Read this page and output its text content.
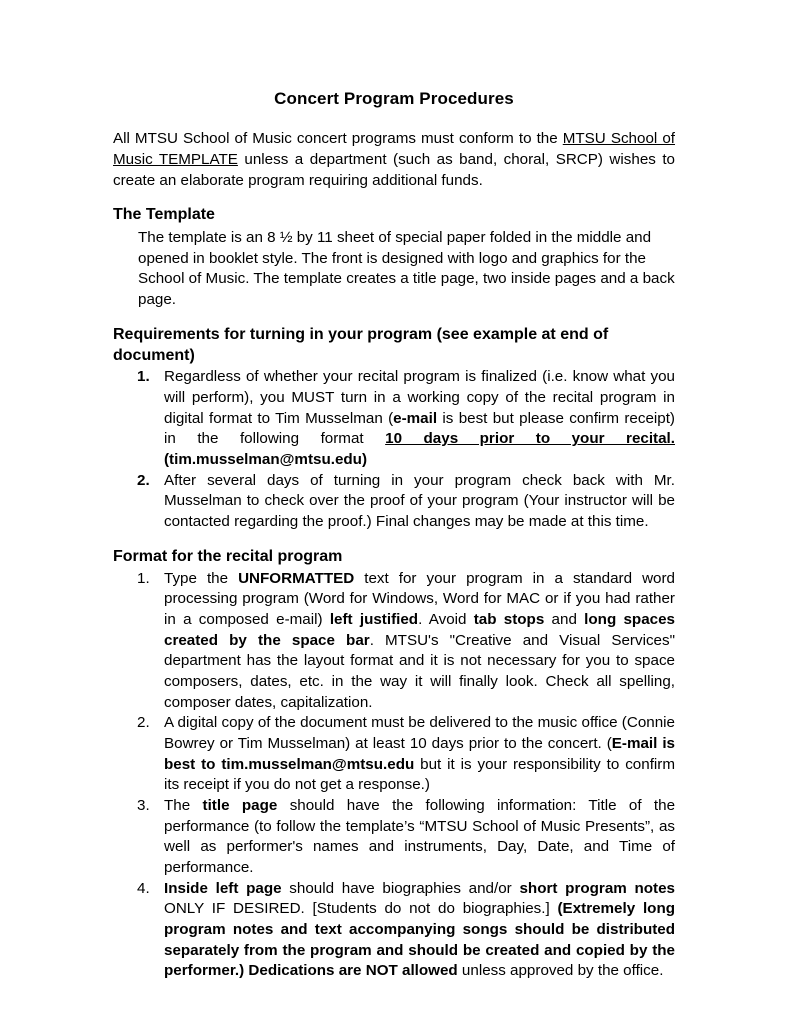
Concert Program Procedures

All MTSU School of Music concert programs must conform to the MTSU School of Music TEMPLATE unless a department (such as band, choral, SRCP) wishes to create an elaborate program requiring additional funds.

The Template
The template is an 8 ½ by 11 sheet of special paper folded in the middle and opened in booklet style. The front is designed with logo and graphics for the School of Music. The template creates a title page, two inside pages and a back page.
Requirements for turning in your program (see example at end of document)
1. Regardless of whether your recital program is finalized (i.e. know what you will perform), you MUST turn in a working copy of the recital program in digital format to Tim Musselman (e-mail is best but please confirm receipt) in the following format 10 days prior to your recital. (tim.musselman@mtsu.edu)
2. After several days of turning in your program check back with Mr. Musselman to check over the proof of your program (Your instructor will be contacted regarding the proof.) Final changes may be made at this time.
Format for the recital program
1. Type the UNFORMATTED text for your program in a standard word processing program (Word for Windows, Word for MAC or if you had rather in a composed e-mail) left justified. Avoid tab stops and long spaces created by the space bar. MTSU's "Creative and Visual Services" department has the layout format and it is not necessary for you to space composers, dates, etc. in the way it will finally look. Check all spelling, composer dates, capitalization.
2. A digital copy of the document must be delivered to the music office (Connie Bowrey or Tim Musselman) at least 10 days prior to the concert. (E-mail is best to tim.musselman@mtsu.edu but it is your responsibility to confirm its receipt if you do not get a response.)
3. The title page should have the following information: Title of the performance (to follow the template’s “MTSU School of Music Presents”, as well as performer's names and instruments, Day, Date, and Time of performance.
4. Inside left page should have biographies and/or short program notes ONLY IF DESIRED. [Students do not do biographies.] (Extremely long program notes and text accompanying songs should be distributed separately from the program and should be created and copied by the performer.) Dedications are NOT allowed unless approved by the office.
